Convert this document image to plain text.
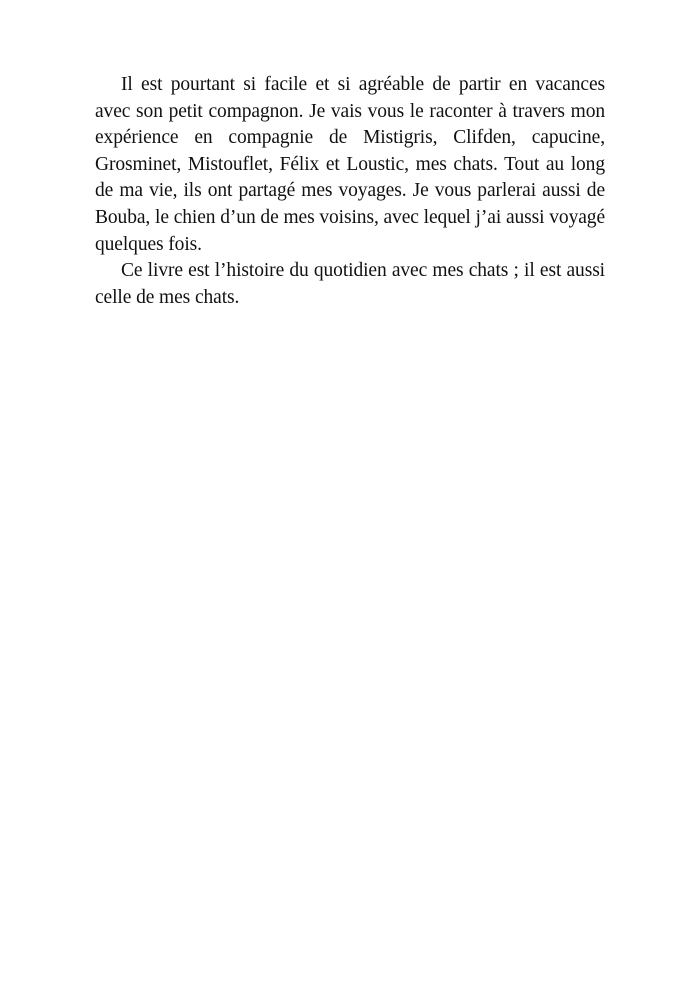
Il est pourtant si facile et si agréable de partir en vacances avec son petit compagnon. Je vais vous le raconter à travers mon expérience en compagnie de Mistigris, Clifden, capucine, Grosminet, Mistouflet, Félix et Loustic, mes chats. Tout au long de ma vie, ils ont partagé mes voyages. Je vous parlerai aussi de Bouba, le chien d’un de mes voisins, avec lequel j’ai aussi voyagé quelques fois.

Ce livre est l’histoire du quotidien avec mes chats ; il est aussi celle de mes chats.
